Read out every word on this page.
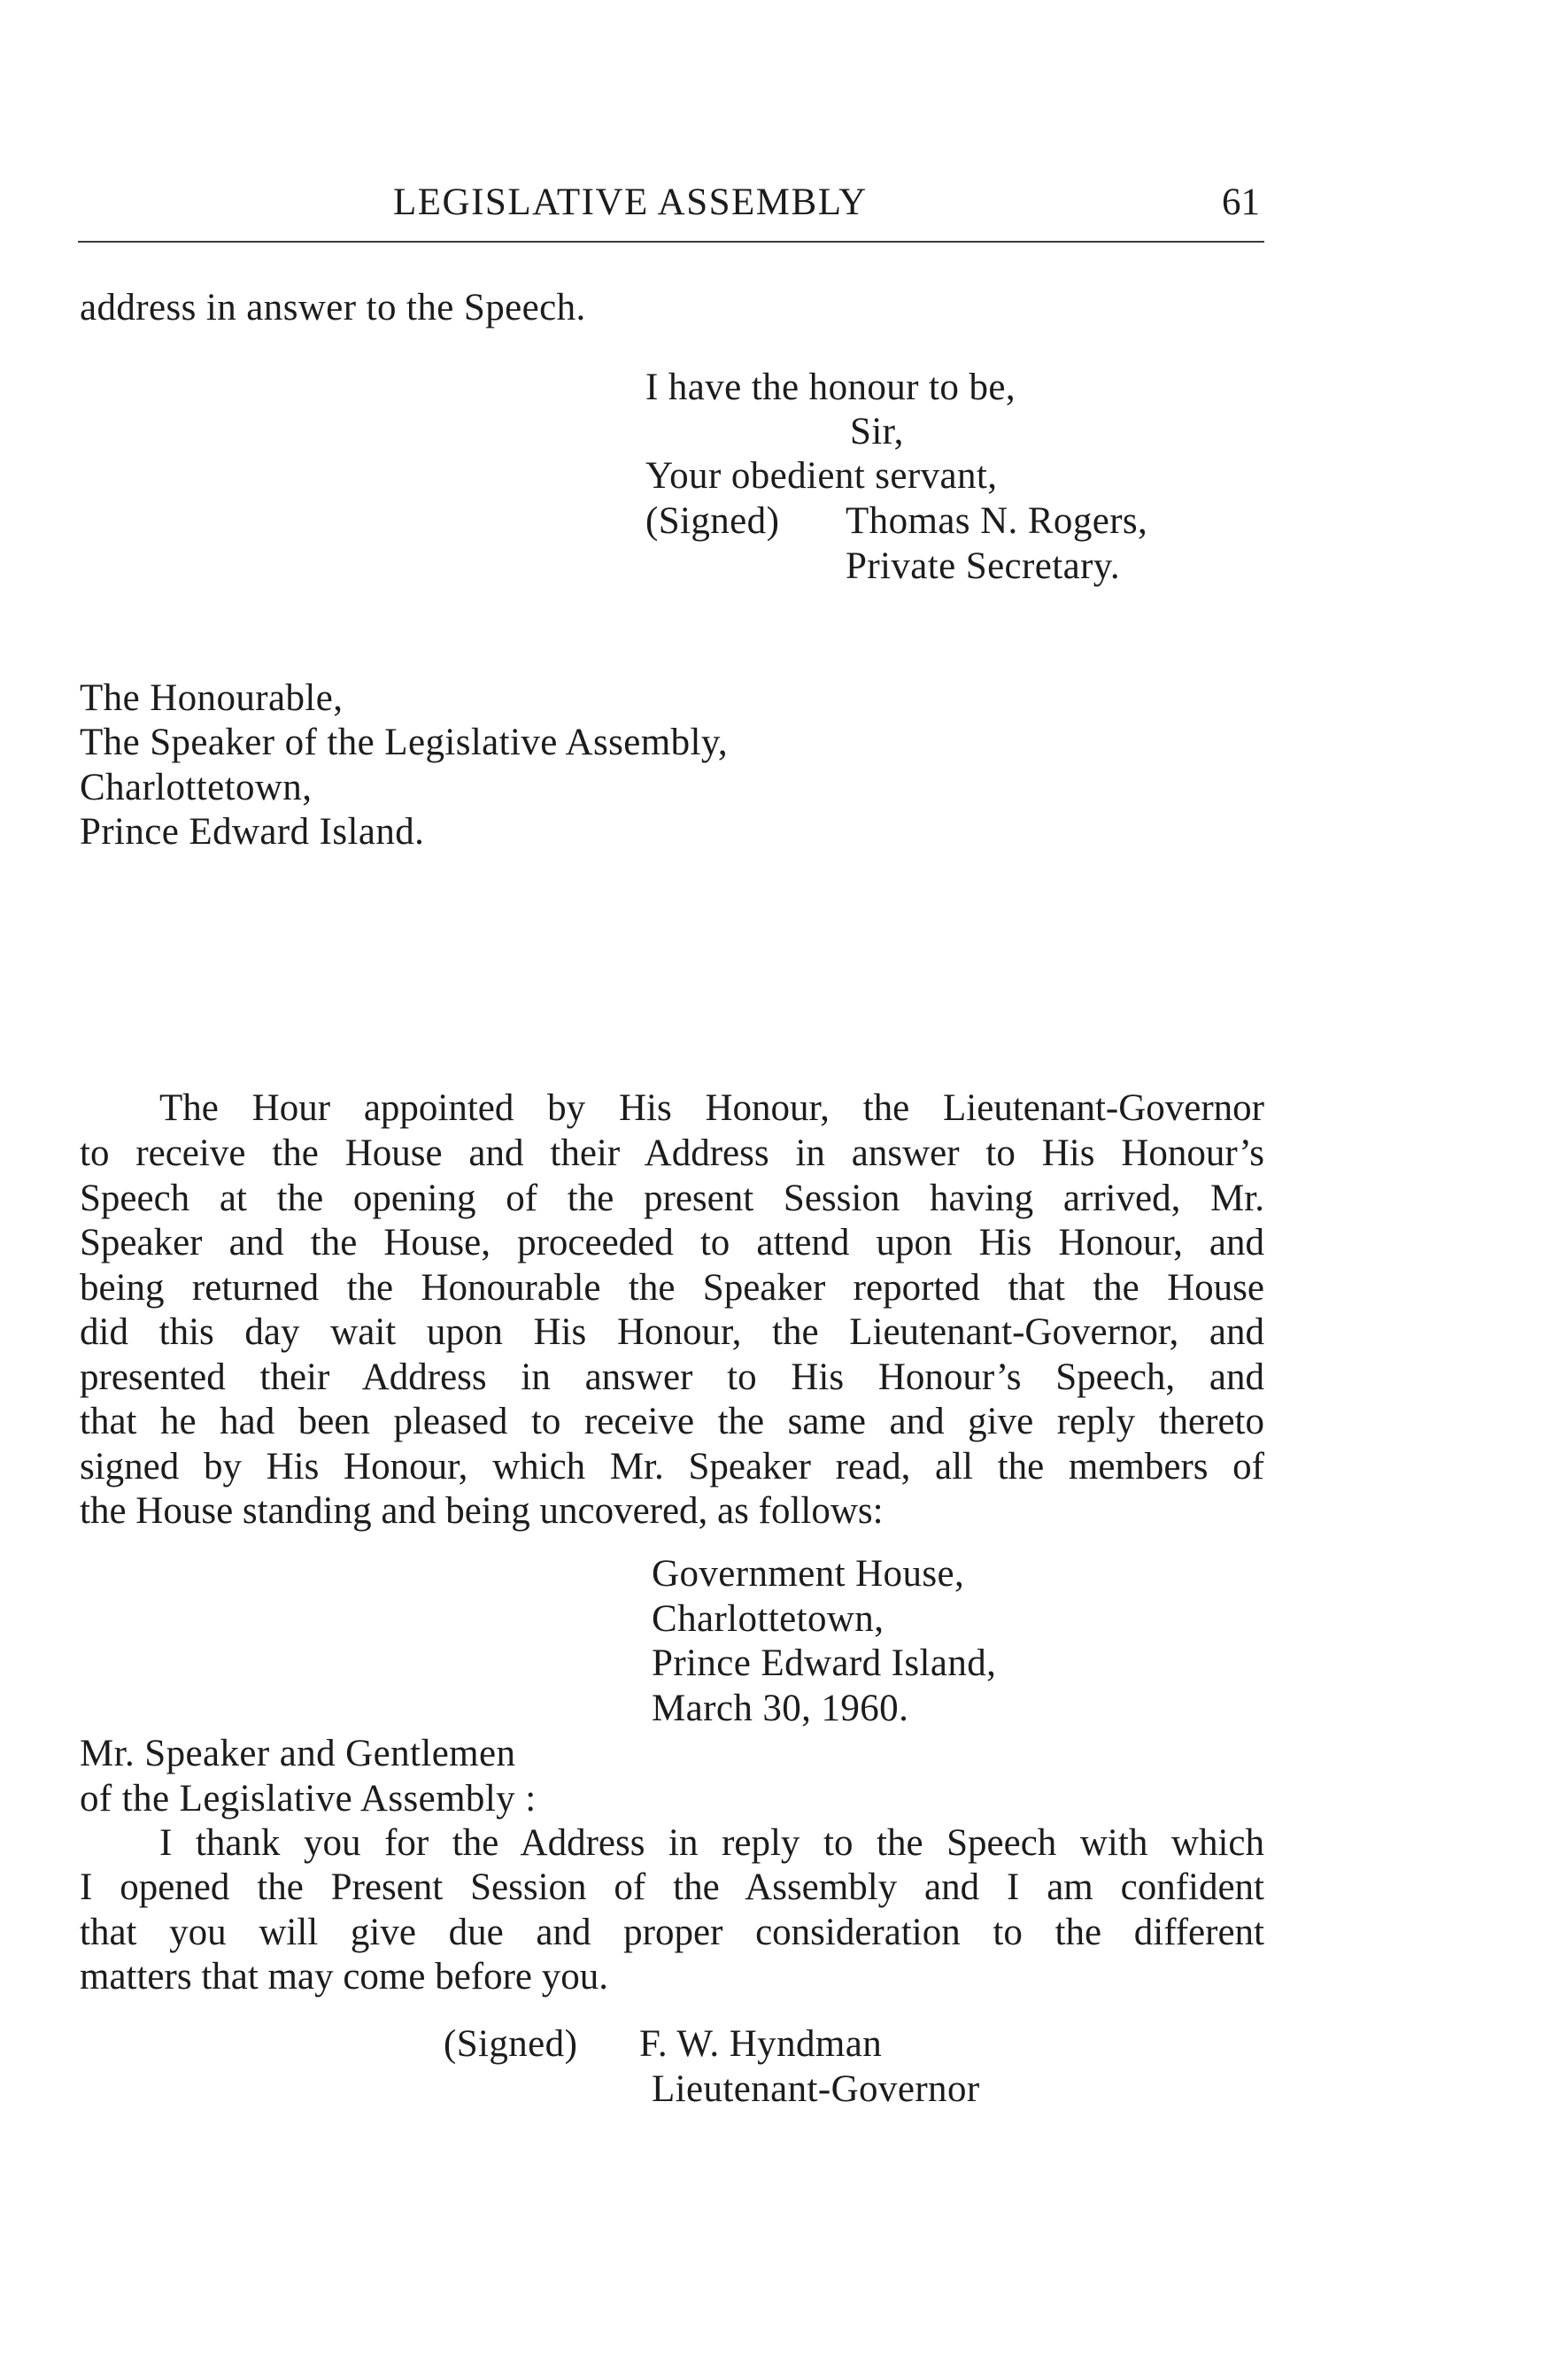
LEGISLATIVE ASSEMBLY	61
address in answer to the Speech.
I have the honour to be,
Sir,
Your obedient servant,
(Signed) Thomas N. Rogers,
Private Secretary.
The Honourable,
The Speaker of the Legislative Assembly,
Charlottetown,
Prince Edward Island.
The Hour appointed by His Honour, the Lieutenant-Governor
to receive the House and their Address in answer to His Honour’s
Speech at the opening of the present Session having arrived, Mr.
Speaker and the House, proceeded to attend upon His Honour, and
being returned the Honourable the Speaker reported that the House
did this day wait upon His Honour, the Lieutenant-Governor, and
presented their Address in answer to His Honour’s Speech, and
that he had been pleased to receive the same and give reply thereto
signed by His Honour, which Mr. Speaker read, all the members of
the House standing and being uncovered, as follows:
Government House,
Charlottetown,
Prince Edward Island,
March 30, 1960.
Mr. Speaker and Gentlemen
of the Legislative Assembly :
I thank you for the Address in reply to the Speech with which
I opened the Present Session of the Assembly and I am confident
that you will give due and proper consideration to the different
matters that may come before you.
(Signed) F. W. Hyndman
Lieutenant-Governor
